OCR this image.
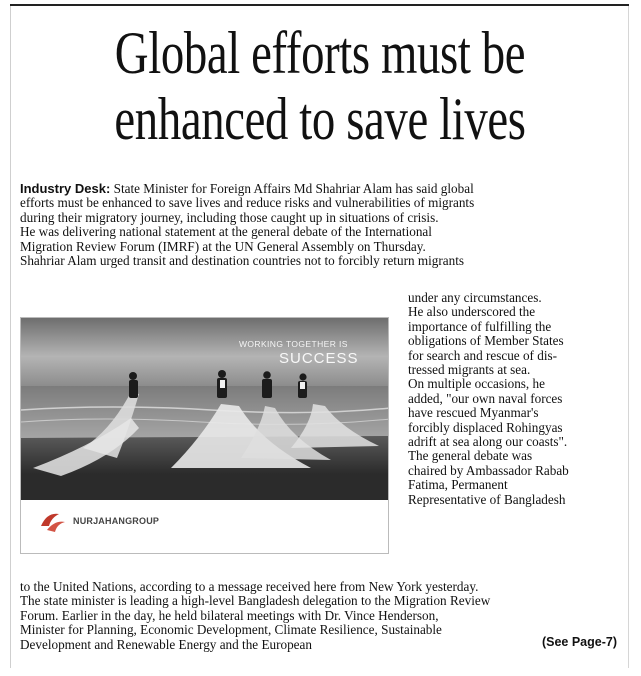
Global efforts must be
enhanced to save lives
Industry Desk: State Minister for Foreign Affairs Md Shahriar Alam has said global
efforts must be enhanced to save lives and reduce risks and vulnerabilities of migrants
during their migratory journey, including those caught up in situations of crisis.
He was delivering national statement at the general debate of the International
Migration Review Forum (IMRF) at the UN General Assembly on Thursday.
Shahriar Alam urged transit and destination countries not to forcibly return migrants
under any circumstances.
He also underscored the
importance of fulfilling the
obligations of Member States
for search and rescue of dis-
tressed migrants at sea.
On multiple occasions, he
added, "our own naval forces
have rescued Myanmar's
forcibly displaced Rohingyas
adrift at sea along our coasts".
The general debate was
chaired by Ambassador Rabab
Fatima, Permanent
Representative of Bangladesh
to the United Nations, according to a message received here from New York yesterday.
The state minister is leading a high-level Bangladesh delegation to the Migration Review
Forum. Earlier in the day, he held bilateral meetings with Dr. Vince Henderson,
Minister for Planning, Economic Development, Climate Resilience, Sustainable
Development and Renewable Energy and the European	(See Page-7)
WORKING TOGETHER IS
SUCCESS
NURJAHANGROUP
